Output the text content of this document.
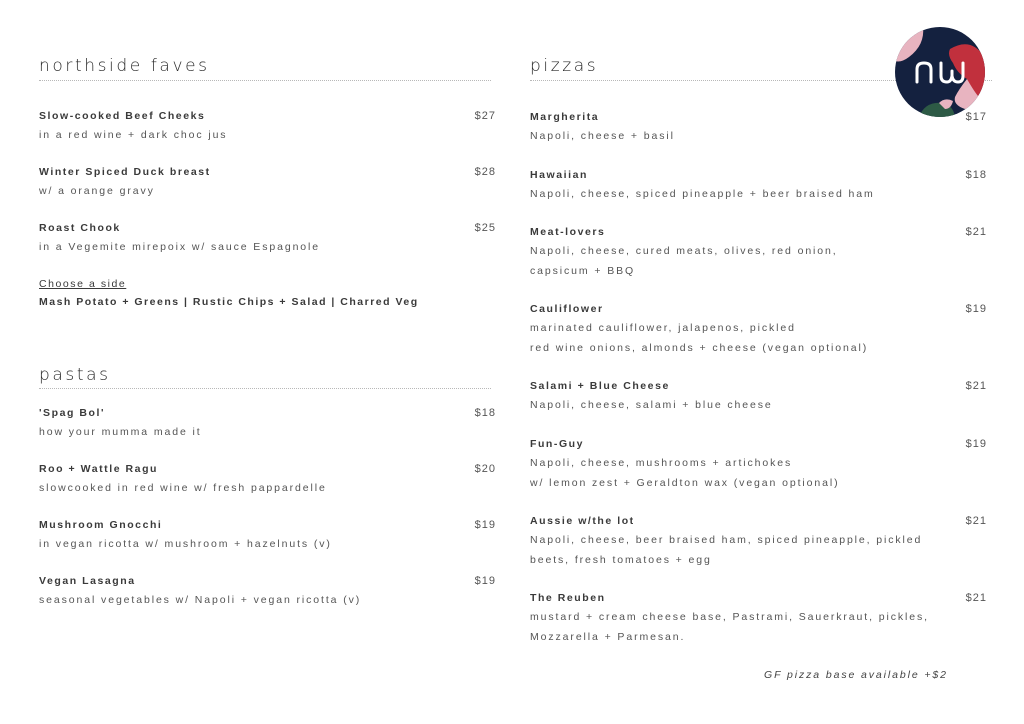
northside faves
Slow-cooked Beef Cheeks	$27
in a red wine + dark choc jus
Winter Spiced Duck breast	$28
w/ a orange gravy
Roast Chook	$25
in a Vegemite mirepoix w/ sauce Espagnole
Choose a side
Mash Potato + Greens | Rustic Chips + Salad | Charred Veg
pastas
'Spag Bol'	$18
how your mumma made it
Roo + Wattle Ragu	$20
slowcooked in red wine w/ fresh pappardelle
Mushroom Gnocchi	$19
in vegan ricotta w/ mushroom + hazelnuts (v)
Vegan Lasagna	$19
seasonal vegetables w/ Napoli + vegan ricotta (v)
pizzas
Margherita	$17
Napoli, cheese + basil
Hawaiian	$18
Napoli, cheese, spiced pineapple + beer braised ham
Meat-lovers	$21
Napoli, cheese, cured meats, olives, red onion,
capsicum + BBQ
Cauliflower	$19
marinated cauliflower, jalapenos, pickled
red wine onions, almonds + cheese (vegan optional)
Salami + Blue Cheese	$21
Napoli, cheese, salami + blue cheese
Fun-Guy	$19
Napoli, cheese, mushrooms + artichokes
w/ lemon zest + Geraldton wax (vegan optional)
Aussie w/the lot	$21
Napoli, cheese, beer braised ham, spiced pineapple, pickled
beets, fresh tomatoes + egg
The Reuben	$21
mustard + cream cheese base, Pastrami, Sauerkraut, pickles,
Mozzarella + Parmesan.
GF pizza base available +$2
